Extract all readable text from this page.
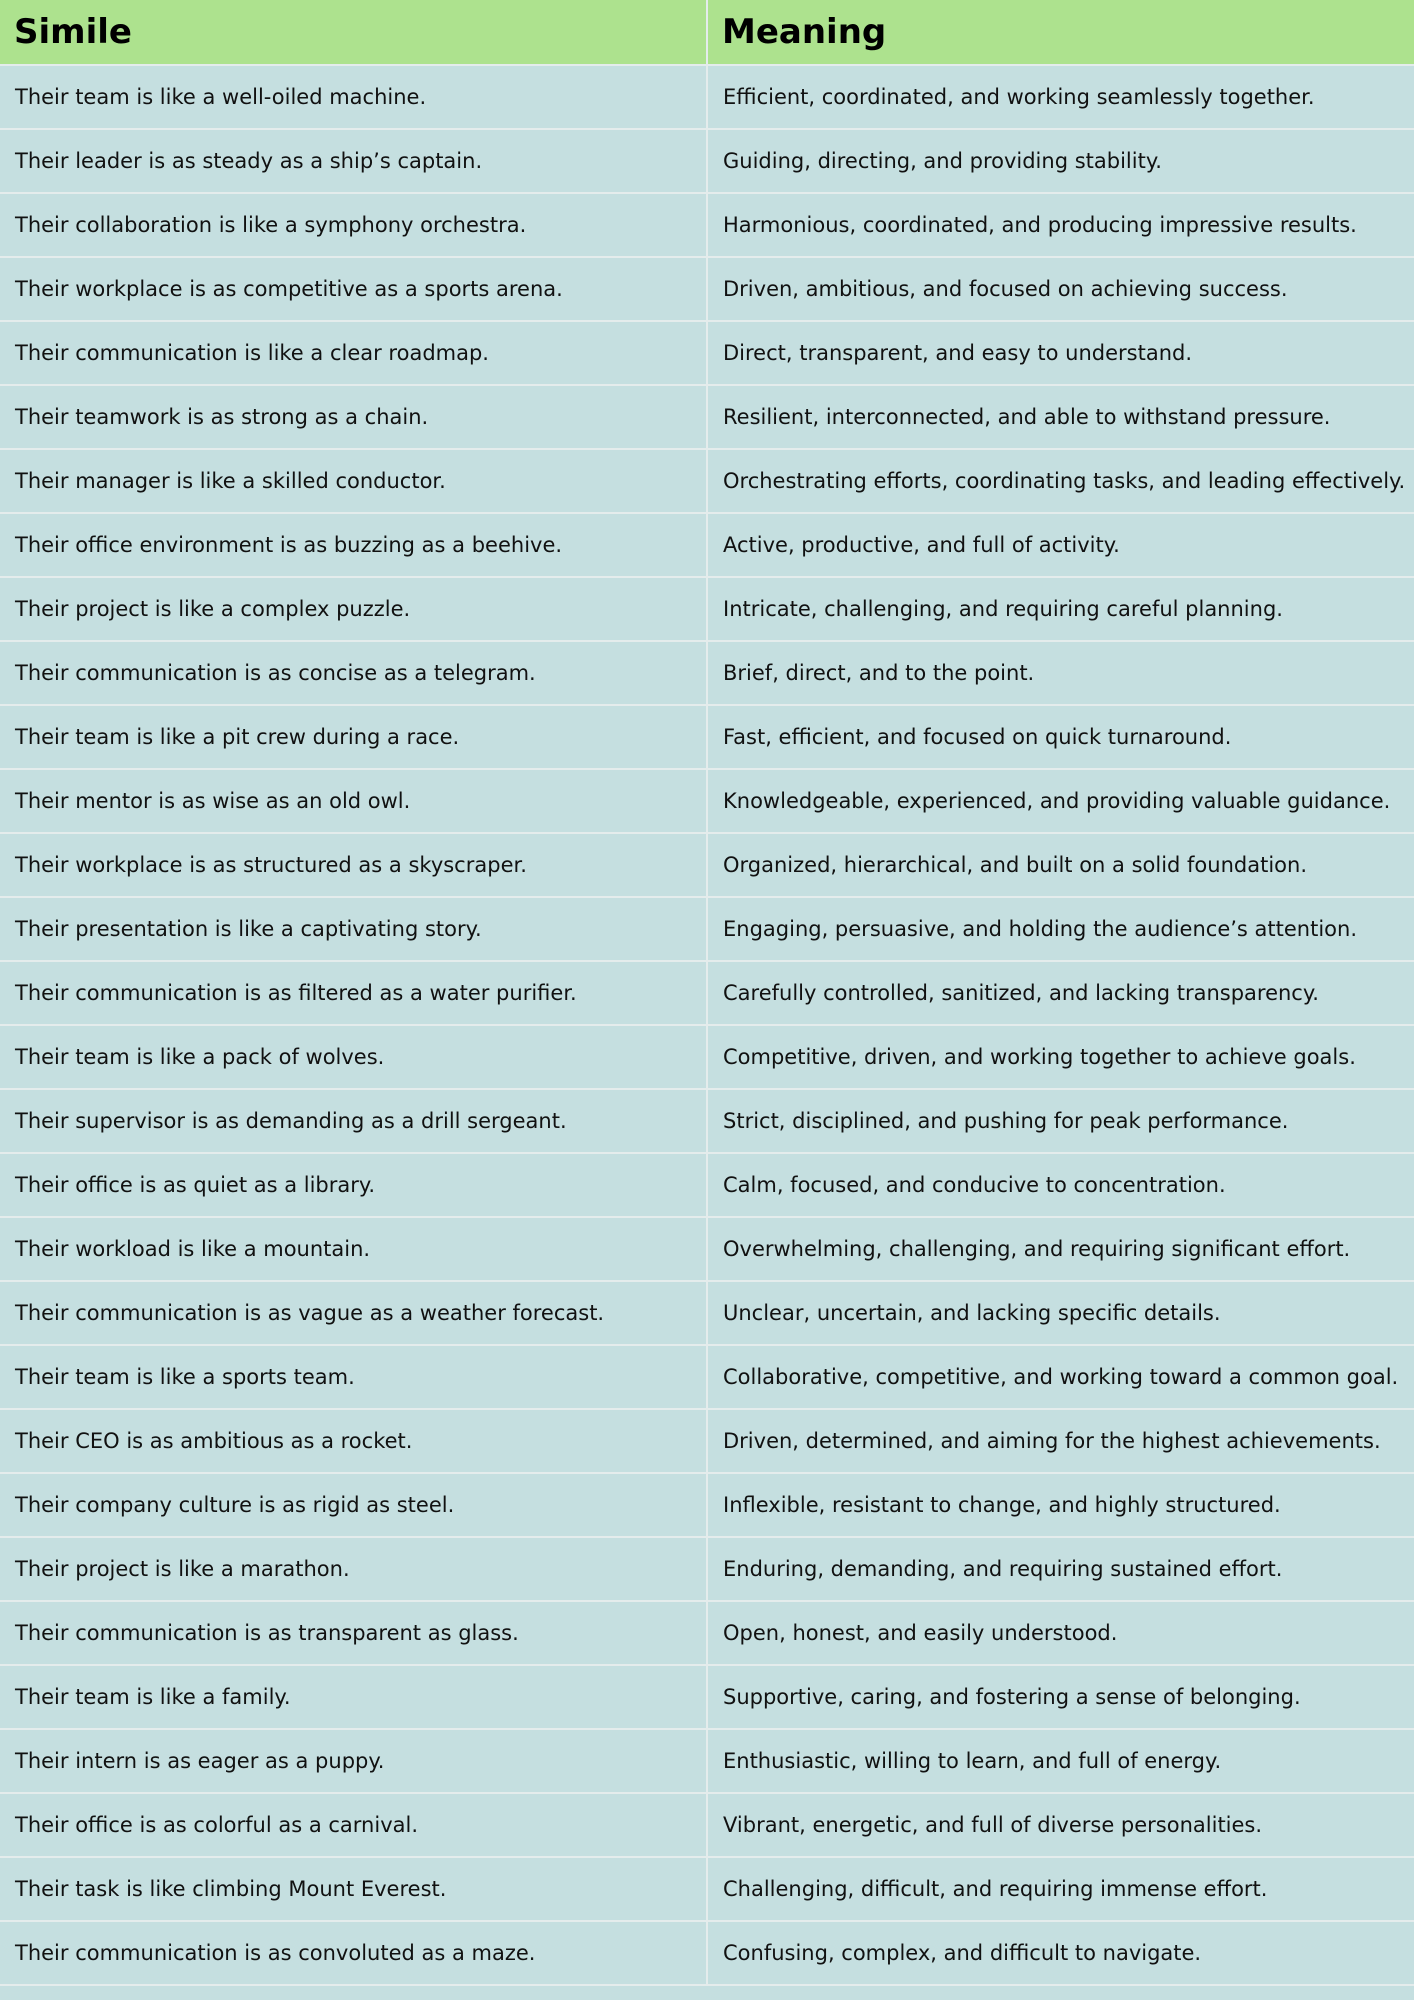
Simile	Meaning
Their team is like a well-oiled machine.	Efficient, coordinated, and working seamlessly together.
Their leader is as steady as a ship’s captain.	Guiding, directing, and providing stability.
Their collaboration is like a symphony orchestra.	Harmonious, coordinated, and producing impressive results.
Their workplace is as competitive as a sports arena.	Driven, ambitious, and focused on achieving success.
Their communication is like a clear roadmap.	Direct, transparent, and easy to understand.
Their teamwork is as strong as a chain.	Resilient, interconnected, and able to withstand pressure.
Their manager is like a skilled conductor.	Orchestrating efforts, coordinating tasks, and leading effectively.
Their office environment is as buzzing as a beehive.	Active, productive, and full of activity.
Their project is like a complex puzzle.	Intricate, challenging, and requiring careful planning.
Their communication is as concise as a telegram.	Brief, direct, and to the point.
Their team is like a pit crew during a race.	Fast, efficient, and focused on quick turnaround.
Their mentor is as wise as an old owl.	Knowledgeable, experienced, and providing valuable guidance.
Their workplace is as structured as a skyscraper.	Organized, hierarchical, and built on a solid foundation.
Their presentation is like a captivating story.	Engaging, persuasive, and holding the audience’s attention.
Their communication is as filtered as a water purifier.	Carefully controlled, sanitized, and lacking transparency.
Their team is like a pack of wolves.	Competitive, driven, and working together to achieve goals.
Their supervisor is as demanding as a drill sergeant.	Strict, disciplined, and pushing for peak performance.
Their office is as quiet as a library.	Calm, focused, and conducive to concentration.
Their workload is like a mountain.	Overwhelming, challenging, and requiring significant effort.
Their communication is as vague as a weather forecast.	Unclear, uncertain, and lacking specific details.
Their team is like a sports team.	Collaborative, competitive, and working toward a common goal.
Their CEO is as ambitious as a rocket.	Driven, determined, and aiming for the highest achievements.
Their company culture is as rigid as steel.	Inflexible, resistant to change, and highly structured.
Their project is like a marathon.	Enduring, demanding, and requiring sustained effort.
Their communication is as transparent as glass.	Open, honest, and easily understood.
Their team is like a family.	Supportive, caring, and fostering a sense of belonging.
Their intern is as eager as a puppy.	Enthusiastic, willing to learn, and full of energy.
Their office is as colorful as a carnival.	Vibrant, energetic, and full of diverse personalities.
Their task is like climbing Mount Everest.	Challenging, difficult, and requiring immense effort.
Their communication is as convoluted as a maze.	Confusing, complex, and difficult to navigate.
